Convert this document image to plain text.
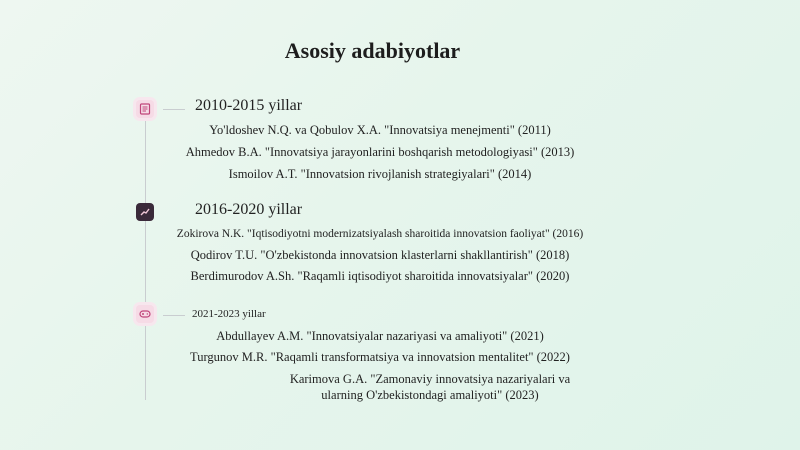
Asosiy adabiyotlar
2010-2015 yillar
Yo'ldoshev N.Q. va Qobulov X.A. "Innovatsiya menejmenti" (2011)
Ahmedov B.A. "Innovatsiya jarayonlarini boshqarish metodologiyasi" (2013)
Ismoilov A.T. "Innovatsion rivojlanish strategiyalari" (2014)
2016-2020 yillar
Zokirova N.K. "Iqtisodiyotni modernizatsiyalash sharoitida innovatsion faoliyat" (2016)
Qodirov T.U. "O'zbekistonda innovatsion klasterlarni shakllantirish" (2018)
Berdimurodov A.Sh. "Raqamli iqtisodiyot sharoitida innovatsiyalar" (2020)
2021-2023 yillar
Abdullayev A.M. "Innovatsiyalar nazariyasi va amaliyoti" (2021)
Turgunov M.R. "Raqamli transformatsiya va innovatsion mentalitet" (2022)
Karimova G.A. "Zamonaviy innovatsiya nazariyalari va ularning O'zbekistondagi amaliyoti" (2023)
